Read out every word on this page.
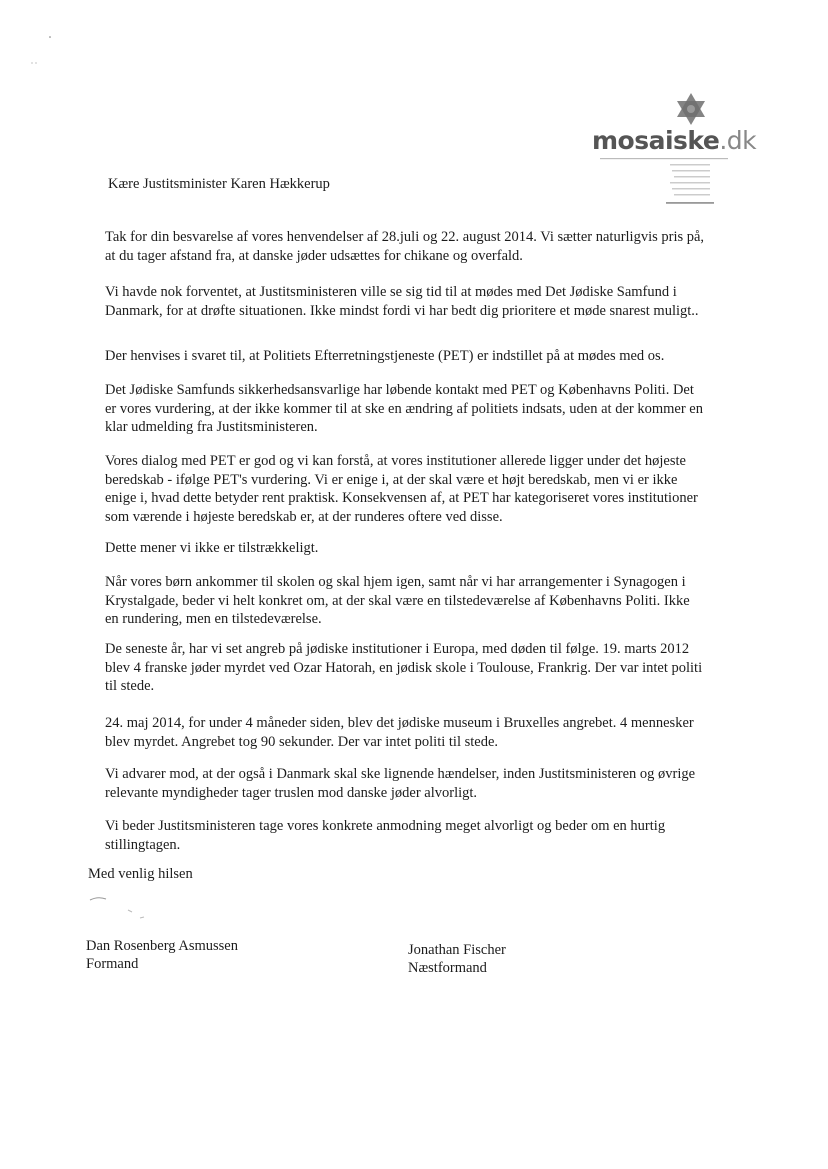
mosaiske.dk
Kære Justitsminister Karen Hækkerup

Tak for din besvarelse af vores henvendelser af 28.juli og 22. august 2014. Vi sætter naturligvis pris på, at du tager afstand fra, at danske jøder udsættes for chikane og overfald.

Vi havde nok forventet, at Justitsministeren ville se sig tid til at mødes med Det Jødiske Samfund i Danmark, for at drøfte situationen. Ikke mindst fordi vi har bedt dig prioritere et møde snarest muligt..

Der henvises i svaret til, at Politiets Efterretningstjeneste (PET) er indstillet på at mødes med os.

Det Jødiske Samfunds sikkerhedsansvarlige har løbende kontakt med PET og Københavns Politi. Det er vores vurdering, at der ikke kommer til at ske en ændring af politiets indsats, uden at der kommer en klar udmelding fra Justitsministeren.

Vores dialog med PET er god og vi kan forstå, at vores institutioner allerede ligger under det højeste beredskab - ifølge PET's vurdering. Vi er enige i, at der skal være et højt beredskab, men vi er ikke enige i, hvad dette betyder rent praktisk. Konsekvensen af, at PET har kategoriseret vores institutioner som værende i højeste beredskab er, at der runderes oftere ved disse.

Dette mener vi ikke er tilstrækkeligt.

Når vores børn ankommer til skolen og skal hjem igen, samt når vi har arrangementer i Synagogen i Krystalgade, beder vi helt konkret om, at der skal være en tilstedeværelse af Københavns Politi. Ikke en rundering, men en tilstedeværelse.

De seneste år, har vi set angreb på jødiske institutioner i Europa, med døden til følge. 19. marts 2012 blev 4 franske jøder myrdet ved Ozar Hatorah, en jødisk skole i Toulouse, Frankrig. Der var intet politi til stede.

24. maj 2014, for under 4 måneder siden, blev det jødiske museum i Bruxelles angrebet. 4 mennesker blev myrdet. Angrebet tog 90 sekunder. Der var intet politi til stede.

Vi advarer mod, at der også i Danmark skal ske lignende hændelser, inden Justitsministeren og øvrige relevante myndigheder tager truslen mod danske jøder alvorligt.

Vi beder Justitsministeren tage vores konkrete anmodning meget alvorligt og beder om en hurtig stillingtagen.

Med venlig hilsen
Dan Rosenberg Asmussen
Formand
Jonathan Fischer
Næstformand
